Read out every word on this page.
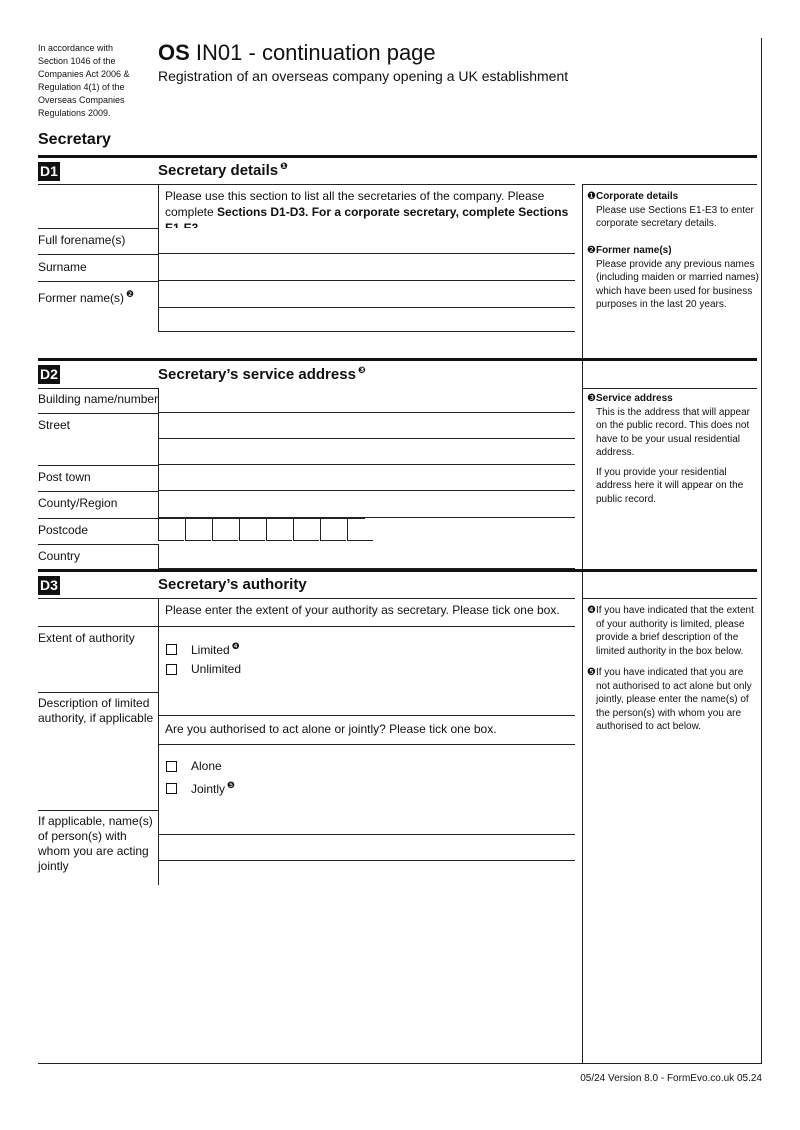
In accordance with
Section 1046 of the
Companies Act 2006 &
Regulation 4(1) of the
Overseas Companies
Regulations 2009.
OS IN01 - continuation page
Registration of an overseas company opening a UK establishment
Secretary
D1	Secretary details $^❶$
Please use this section to list all the secretaries of the company. Please complete Sections D1-D3. For a corporate secretary, complete Sections
Full forename(s)
Surname
Former name(s) $^❷$
❶Corporate details
Please use Sections E1-E3 to enter corporate secretary details.
❷Former name(s)
Please provide any previous names (including maiden or married names) which have been used for business purposes in the last 20 years.
D2	Secretary’s service address $^❸$
Building name/number
Street
Post town
County/Region
Postcode
Country
❸Service address
This is the address that will appear on the public record. This does not have to be your usual residential address.
If you provide your residential address here it will appear on the public record.
D3	Secretary’s authority
Please enter the extent of your authority as secretary. Please tick one box.
Extent of authority
Limited $^❹$
Unlimited
Description of limited authority, if applicable
Are you authorised to act alone or jointly? Please tick one box.
Alone
Jointly $^❺$
If applicable, name(s) of person(s) with whom you are acting jointly
❹If you have indicated that the extent of your authority is limited, please provide a brief description of the limited authority in the box below.
❺If you have indicated that you are not authorised to act alone but only jointly, please enter the name(s) of the person(s) with whom you are authorised to act below.
05/24 Version 8.0 - FormEvo.co.uk 05.24
